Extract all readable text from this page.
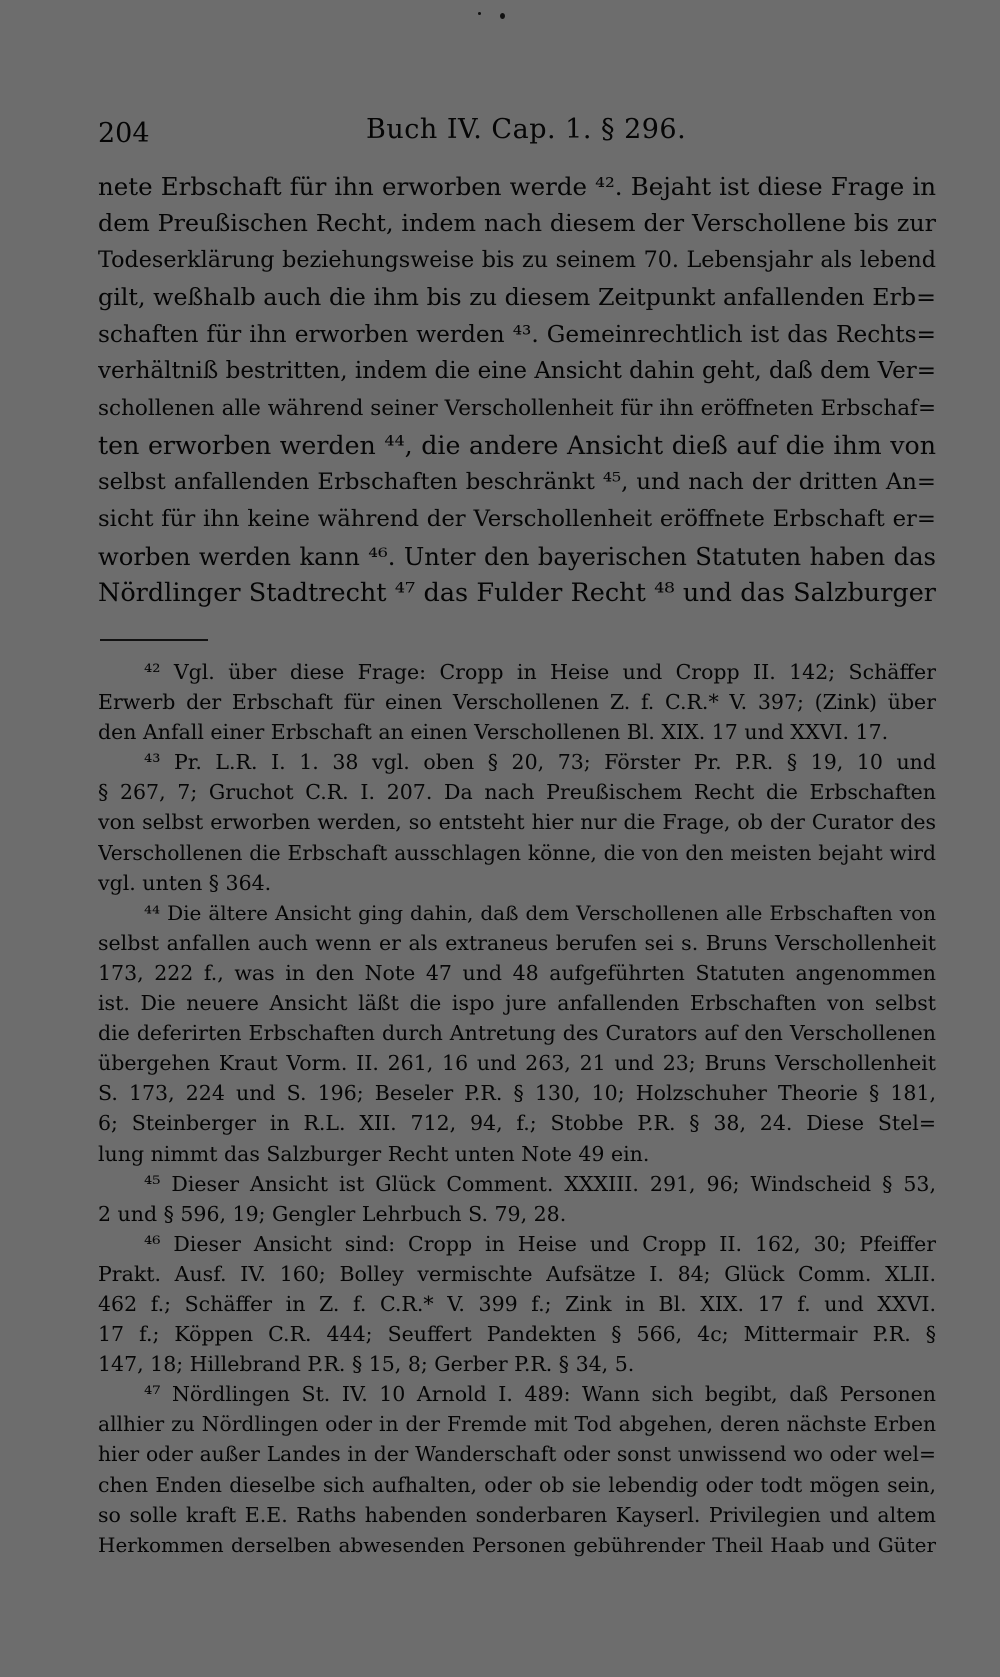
204	Buch IV. Cap. 1. § 296.
nete Erbschaft für ihn erworben werde ⁴². Bejaht ist diese Frage in
dem Preußischen Recht, indem nach diesem der Verschollene bis zur
Todeserklärung beziehungsweise bis zu seinem 70. Lebensjahr als lebend
gilt, weßhalb auch die ihm bis zu diesem Zeitpunkt anfallenden Erb=
schaften für ihn erworben werden ⁴³. Gemeinrechtlich ist das Rechts=
verhältniß bestritten, indem die eine Ansicht dahin geht, daß dem Ver=
schollenen alle während seiner Verschollenheit für ihn eröffneten Erbschaf=
ten erworben werden ⁴⁴, die andere Ansicht dieß auf die ihm von
selbst anfallenden Erbschaften beschränkt ⁴⁵, und nach der dritten An=
sicht für ihn keine während der Verschollenheit eröffnete Erbschaft er=
worben werden kann ⁴⁶. Unter den bayerischen Statuten haben das
Nördlinger Stadtrecht ⁴⁷ das Fulder Recht ⁴⁸ und das Salzburger
⁴² Vgl. über diese Frage: Cropp in Heise und Cropp II. 142; Schäffer
Erwerb der Erbschaft für einen Verschollenen Z. f. C.R.* V. 397; (Zink) über
den Anfall einer Erbschaft an einen Verschollenen Bl. XIX. 17 und XXVI. 17.
⁴³ Pr. L.R. I. 1. 38 vgl. oben § 20, 73; Förster Pr. P.R. § 19, 10 und
§ 267, 7; Gruchot C.R. I. 207. Da nach Preußischem Recht die Erbschaften
von selbst erworben werden, so entsteht hier nur die Frage, ob der Curator des
Verschollenen die Erbschaft ausschlagen könne, die von den meisten bejaht wird
vgl. unten § 364.
⁴⁴ Die ältere Ansicht ging dahin, daß dem Verschollenen alle Erbschaften von
selbst anfallen auch wenn er als extraneus berufen sei s. Bruns Verschollenheit
173, 222 f., was in den Note 47 und 48 aufgeführten Statuten angenommen
ist. Die neuere Ansicht läßt die ispo jure anfallenden Erbschaften von selbst
die deferirten Erbschaften durch Antretung des Curators auf den Verschollenen
übergehen Kraut Vorm. II. 261, 16 und 263, 21 und 23; Bruns Verschollenheit
S. 173, 224 und S. 196; Beseler P.R. § 130, 10; Holzschuher Theorie § 181,
6; Steinberger in R.L. XII. 712, 94, f.; Stobbe P.R. § 38, 24. Diese Stel=
lung nimmt das Salzburger Recht unten Note 49 ein.
⁴⁵ Dieser Ansicht ist Glück Comment. XXXIII. 291, 96; Windscheid § 53,
2 und § 596, 19; Gengler Lehrbuch S. 79, 28.
⁴⁶ Dieser Ansicht sind: Cropp in Heise und Cropp II. 162, 30; Pfeiffer
Prakt. Ausf. IV. 160; Bolley vermischte Aufsätze I. 84; Glück Comm. XLII.
462 f.; Schäffer in Z. f. C.R.* V. 399 f.; Zink in Bl. XIX. 17 f. und XXVI.
17 f.; Köppen C.R. 444; Seuffert Pandekten § 566, 4c; Mittermair P.R. §
147, 18; Hillebrand P.R. § 15, 8; Gerber P.R. § 34, 5.
⁴⁷ Nördlingen St. IV. 10 Arnold I. 489: Wann sich begibt, daß Personen
allhier zu Nördlingen oder in der Fremde mit Tod abgehen, deren nächste Erben
hier oder außer Landes in der Wanderschaft oder sonst unwissend wo oder wel=
chen Enden dieselbe sich aufhalten, oder ob sie lebendig oder todt mögen sein,
so solle kraft E.E. Raths habenden sonderbaren Kayserl. Privilegien und altem
Herkommen derselben abwesenden Personen gebührender Theil Haab und Güter
